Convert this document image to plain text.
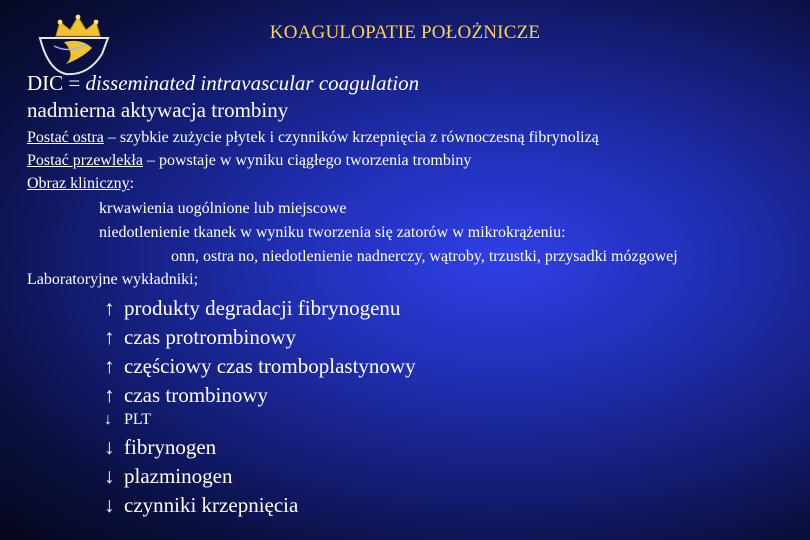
KOAGULOPATIE POŁOŻNICZE
DIC = disseminated intravascular coagulation
nadmierna aktywacja trombiny
Postać ostra – szybkie zużycie płytek i czynników krzepnięcia z równoczesną fibrynolizą
Postać przewlekła – powstaje w wyniku ciągłego tworzenia trombiny
Obraz kliniczny:
krwawienia uogólnione lub miejscowe
niedotlenienie tkanek w wyniku tworzenia się zatorów w mikrokrążeniu:
onn, ostra no, niedotlenienie nadnerczy, wątroby, trzustki, przysadki mózgowej
Laboratoryjne wykładniki;
↑ produkty degradacji fibrynogenu
↑ czas protrombinowy
↑ częściowy czas tromboplastynowy
↑ czas trombinowy
↓ PLT
↓ fibrynogen
↓ plazminogen
↓ czynniki krzepnięcia
